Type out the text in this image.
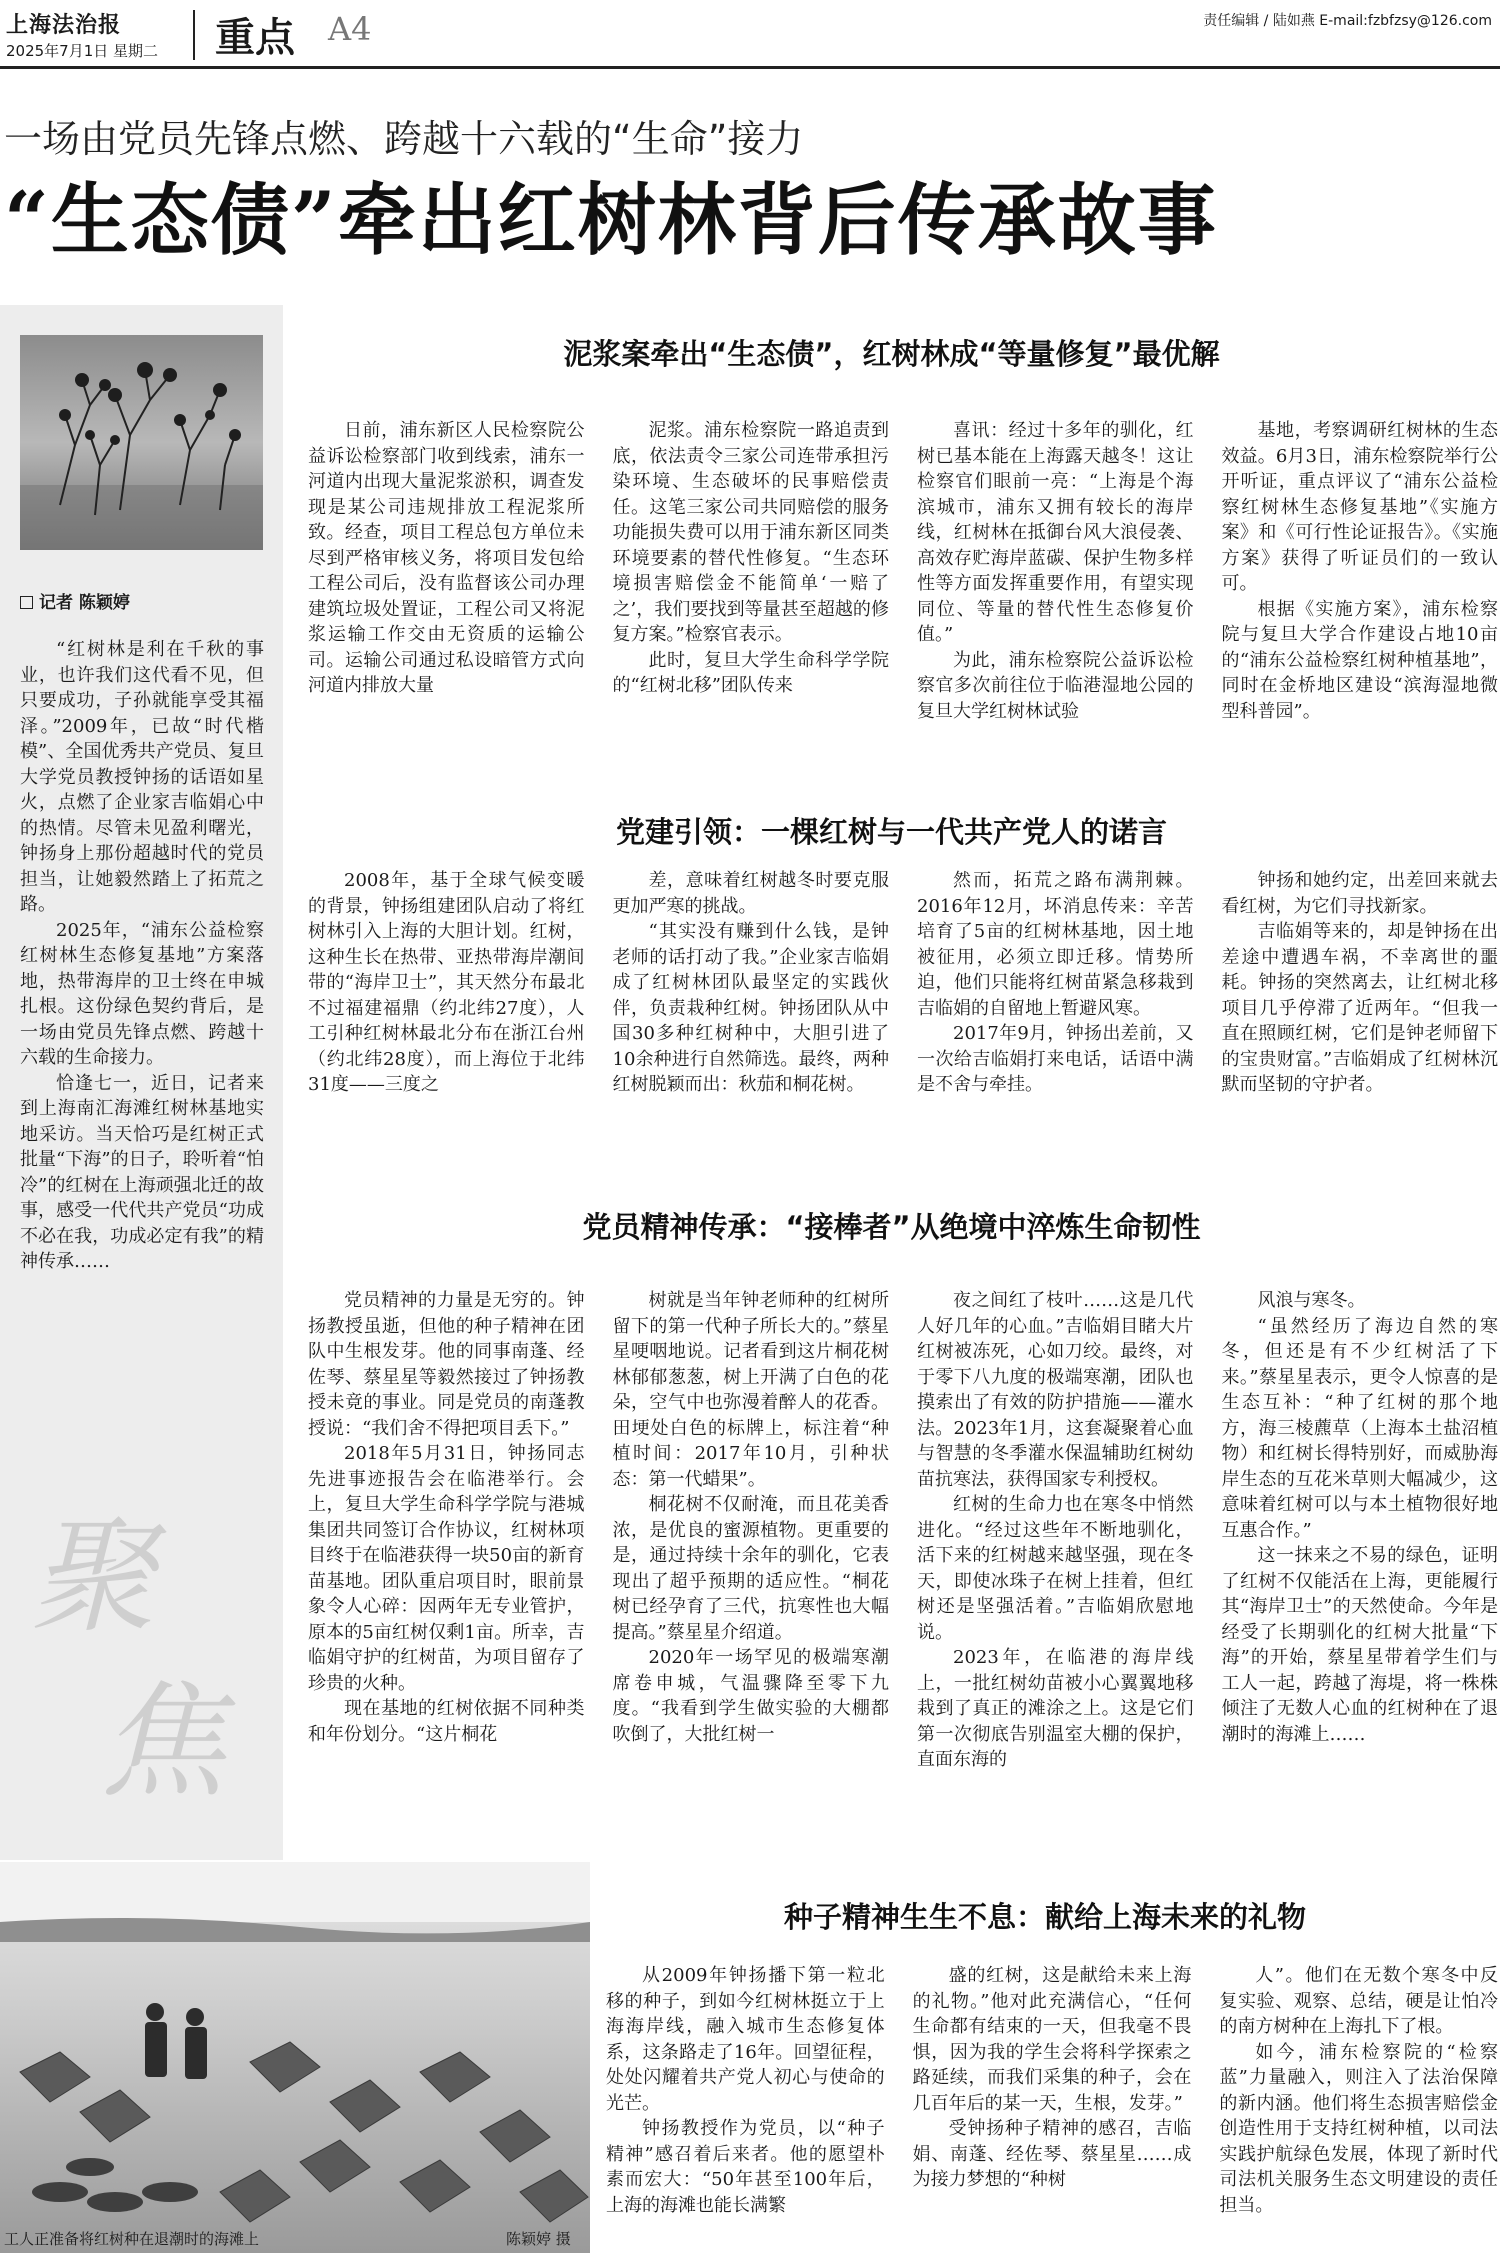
上海法治报
2025年7月1日 星期二 重点 A4	责任编辑 / 陆如燕 E-mail:fzbfzsy@126.com
一场由党员先锋点燃、跨越十六载的“生命”接力
“生态债”牵出红树林背后传承故事
记者 陈颖婷

“红树林是利在千秋的事业，也许我们这代看不见，但只要成功，子孙就能享受其福泽。”2009年，已故“时代楷模”、全国优秀共产党员、复旦大学党员教授钟扬的话语如星火，点燃了企业家吉临娟心中的热情。尽管未见盈利曙光，钟扬身上那份超越时代的党员担当，让她毅然踏上了拓荒之路。

2025年，“浦东公益检察红树林生态修复基地”方案落地，热带海岸的卫士终在申城扎根。这份绿色契约背后，是一场由党员先锋点燃、跨越十六载的生命接力。

恰逢七一，近日，记者来到上海南汇海滩红树林基地实地采访。当天恰巧是红树正式批量“下海”的日子，聆听着“怕冷”的红树在上海顽强北迁的故事，感受一代代共产党员“功成不必在我，功成必定有我”的精神传承……

聚
焦
泥浆案牵出“生态债”，红树林成“等量修复”最优解

日前，浦东新区人民检察院公益诉讼检察部门收到线索，浦东一河道内出现大量泥浆淤积，调查发现是某公司违规排放工程泥浆所致。经查，项目工程总包方单位未尽到严格审核义务，将项目发包给工程公司后，没有监督该公司办理建筑垃圾处置证，工程公司又将泥浆运输工作交由无资质的运输公司。运输公司通过私设暗管方式向河道内排放大量

泥浆。浦东检察院一路追责到底，依法责令三家公司连带承担污染环境、生态破坏的民事赔偿责任。这笔三家公司共同赔偿的服务功能损失费可以用于浦东新区同类环境要素的替代性修复。“生态环境损害赔偿金不能简单‘一赔了之’，我们要找到等量甚至超越的修复方案。”检察官表示。

此时，复旦大学生命科学学院的“红树北移”团队传来

喜讯：经过十多年的驯化，红树已基本能在上海露天越冬！这让检察官们眼前一亮：“上海是个海滨城市，浦东又拥有较长的海岸线，红树林在抵御台风大浪侵袭、高效存贮海岸蓝碳、保护生物多样性等方面发挥重要作用，有望实现同位、等量的替代性生态修复价值。”

为此，浦东检察院公益诉讼检察官多次前往位于临港湿地公园的复旦大学红树林试验

基地，考察调研红树林的生态效益。6月3日，浦东检察院举行公开听证，重点评议了“浦东公益检察红树林生态修复基地”《实施方案》和《可行性论证报告》。《实施方案》获得了听证员们的一致认可。

根据《实施方案》，浦东检察院与复旦大学合作建设占地10亩的“浦东公益检察红树种植基地”，同时在金桥地区建设“滨海湿地微型科普园”。

党建引领：一棵红树与一代共产党人的诺言

2008年，基于全球气候变暖的背景，钟扬组建团队启动了将红树林引入上海的大胆计划。红树，这种生长在热带、亚热带海岸潮间带的“海岸卫士”，其天然分布最北不过福建福鼎（约北纬27度），人工引种红树林最北分布在浙江台州（约北纬28度），而上海位于北纬31度——三度之

差，意味着红树越冬时要克服更加严寒的挑战。

“其实没有赚到什么钱，是钟老师的话打动了我。”企业家吉临娟成了红树林团队最坚定的实践伙伴，负责栽种红树。钟扬团队从中国30多种红树种中，大胆引进了10余种进行自然筛选。最终，两种红树脱颖而出：秋茄和桐花树。

然而，拓荒之路布满荆棘。2016年12月，坏消息传来：辛苦培育了5亩的红树林基地，因土地被征用，必须立即迁移。情势所迫，他们只能将红树苗紧急移栽到吉临娟的自留地上暂避风寒。

2017年9月，钟扬出差前，又一次给吉临娟打来电话，话语中满是不舍与牵挂。

钟扬和她约定，出差回来就去看红树，为它们寻找新家。

吉临娟等来的，却是钟扬在出差途中遭遇车祸，不幸离世的噩耗。钟扬的突然离去，让红树北移项目几乎停滞了近两年。“但我一直在照顾红树，它们是钟老师留下的宝贵财富。”吉临娟成了红树林沉默而坚韧的守护者。

党员精神传承：“接棒者”从绝境中淬炼生命韧性

党员精神的力量是无穷的。钟扬教授虽逝，但他的种子精神在团队中生根发芽。他的同事南蓬、经佐琴、蔡星星等毅然接过了钟扬教授未竟的事业。同是党员的南蓬教授说：“我们舍不得把项目丢下。”

2018年5月31日，钟扬同志先进事迹报告会在临港举行。会上，复旦大学生命科学学院与港城集团共同签订合作协议，红树林项目终于在临港获得一块50亩的新育苗基地。团队重启项目时，眼前景象令人心碎：因两年无专业管护，原本的5亩红树仅剩1亩。所幸，吉临娟守护的红树苗，为项目留存了珍贵的火种。

现在基地的红树依据不同种类和年份划分。“这片桐花

树就是当年钟老师种的红树所留下的第一代种子所长大的。”蔡星星哽咽地说。记者看到这片桐花树林郁郁葱葱，树上开满了白色的花朵，空气中也弥漫着醉人的花香。田埂处白色的标牌上，标注着“种植时间：2017年10月，引种状态：第一代蜡果”。

桐花树不仅耐淹，而且花美香浓，是优良的蜜源植物。更重要的是，通过持续十余年的驯化，它表现出了超乎预期的适应性。“桐花树已经孕育了三代，抗寒性也大幅提高。”蔡星星介绍道。

2020年一场罕见的极端寒潮席卷申城，气温骤降至零下九度。“我看到学生做实验的大棚都吹倒了，大批红树一

夜之间红了枝叶……这是几代人好几年的心血。”吉临娟目睹大片红树被冻死，心如刀绞。最终，对于零下八九度的极端寒潮，团队也摸索出了有效的防护措施——灌水法。2023年1月，这套凝聚着心血与智慧的冬季灌水保温辅助红树幼苗抗寒法，获得国家专利授权。

红树的生命力也在寒冬中悄然进化。“经过这些年不断地驯化，活下来的红树越来越坚强，现在冬天，即使冰珠子在树上挂着，但红树还是坚强活着。”吉临娟欣慰地说。

2023年，在临港的海岸线上，一批红树幼苗被小心翼翼地移栽到了真正的滩涂之上。这是它们第一次彻底告别温室大棚的保护，直面东海的

风浪与寒冬。

“虽然经历了海边自然的寒冬，但还是有不少红树活了下来。”蔡星星表示，更令人惊喜的是生态互补：“种了红树的那个地方，海三棱藨草（上海本土盐沼植物）和红树长得特别好，而威胁海岸生态的互花米草则大幅减少，这意味着红树可以与本土植物很好地互惠合作。”

这一抹来之不易的绿色，证明了红树不仅能活在上海，更能履行其“海岸卫士”的天然使命。今年是经受了长期驯化的红树大批量“下海”的开始，蔡星星带着学生们与工人一起，跨越了海堤，将一株株倾注了无数人心血的红树种在了退潮时的海滩上……

种子精神生生不息：献给上海未来的礼物

从2009年钟扬播下第一粒北移的种子，到如今红树林挺立于上海海岸线，融入城市生态修复体系，这条路走了16年。回望征程，处处闪耀着共产党人初心与使命的光芒。

钟扬教授作为党员，以“种子精神”感召着后来者。他的愿望朴素而宏大：“50年甚至100年后，上海的海滩也能长满繁

盛的红树，这是献给未来上海的礼物。”他对此充满信心，“任何生命都有结束的一天，但我毫不畏惧，因为我的学生会将科学探索之路延续，而我们采集的种子，会在几百年后的某一天，生根，发芽。”

受钟扬种子精神的感召，吉临娟、南蓬、经佐琴、蔡星星……成为接力梦想的“种树

人”。他们在无数个寒冬中反复实验、观察、总结，硬是让怕冷的南方树种在上海扎下了根。

如今，浦东检察院的“检察蓝”力量融入，则注入了法治保障的新内涵。他们将生态损害赔偿金创造性用于支持红树种植，以司法实践护航绿色发展，体现了新时代司法机关服务生态文明建设的责任担当。

工人正准备将红树种在退潮时的海滩上	陈颖婷 摄
